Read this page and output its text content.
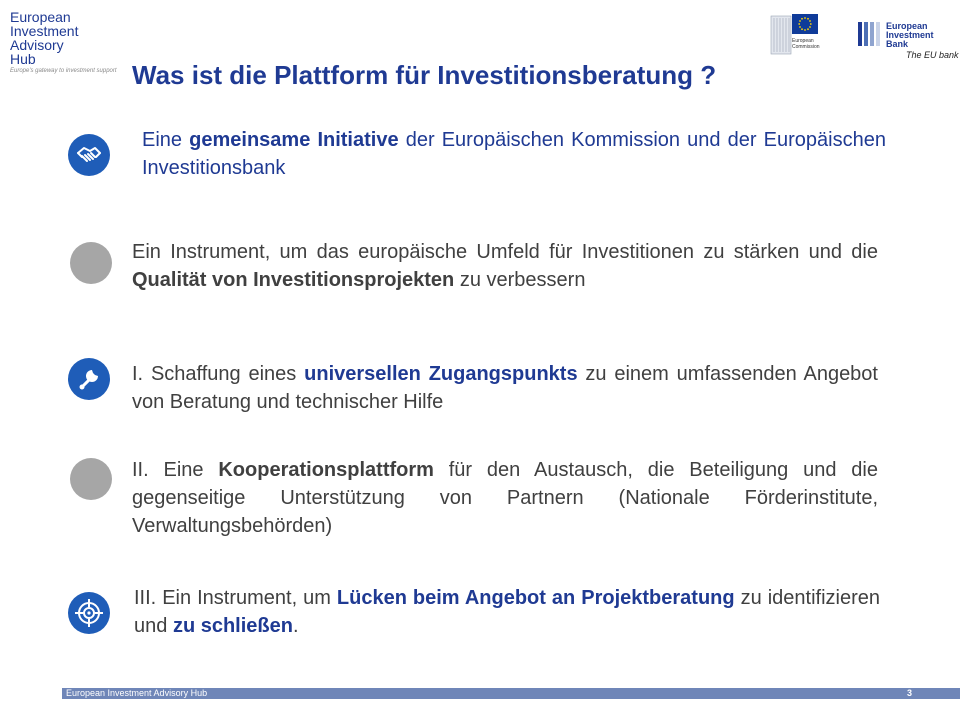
European
Investment
Advisory
Hub
Europe's gateway to investment support Was ist die Plattform für Investitionsberatung ?
European
Commission
European
Investment
Bank
The EU bank
Eine gemeinsame Initiative der Europäischen Kommission und der Europäischen Investitionsbank
Ein Instrument, um das europäische Umfeld für Investitionen zu stärken und die Qualität von Investitionsprojekten zu verbessern
I. Schaffung eines universellen Zugangspunkts zu einem umfassenden Angebot von Beratung und technischer Hilfe
II. Eine Kooperationsplattform für den Austausch, die Beteiligung und die gegenseitige Unterstützung von Partnern (Nationale Förderinstitute, Verwaltungsbehörden)
III. Ein Instrument, um Lücken beim Angebot an Projektberatung zu identifizieren und zu schließen.
European Investment Advisory Hub	3
